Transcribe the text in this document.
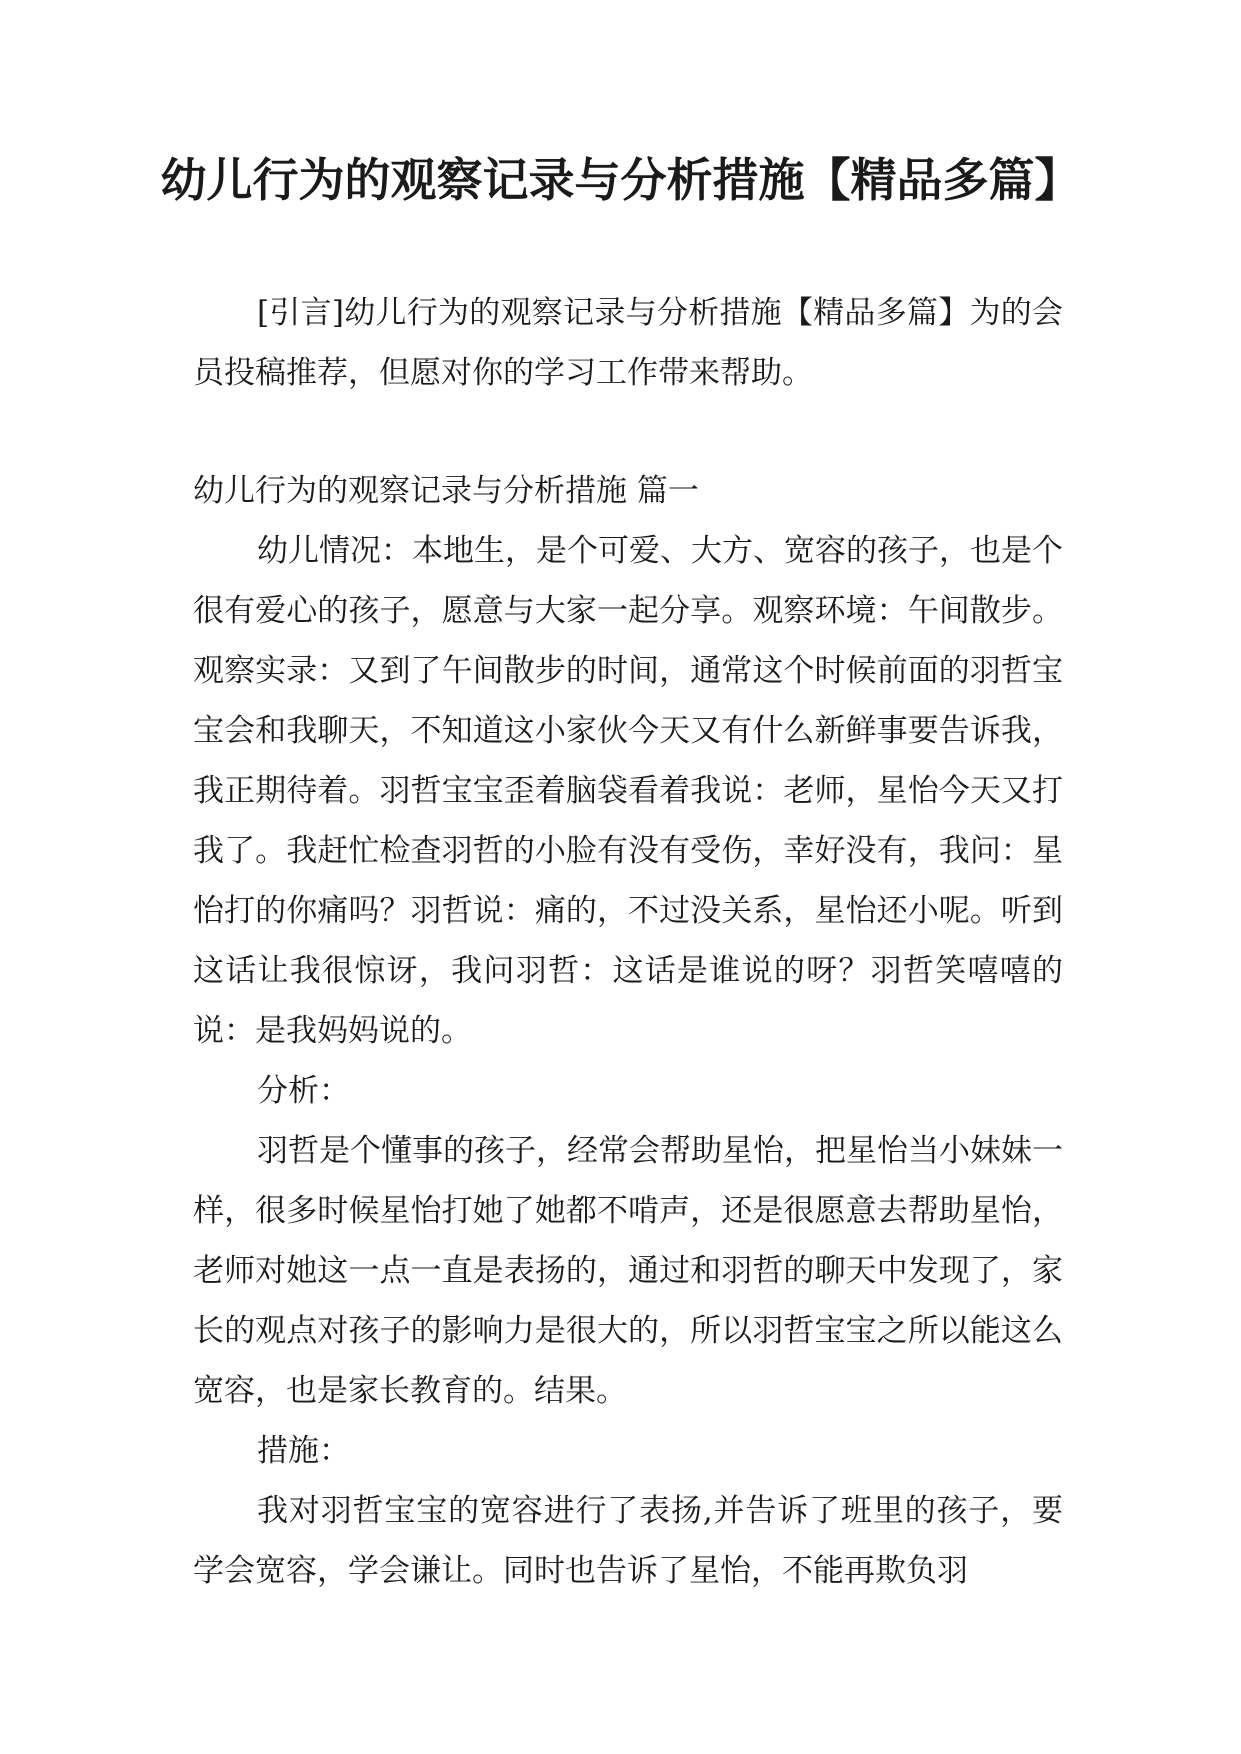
幼儿行为的观察记录与分析措施【精品多篇】

[引言]幼儿行为的观察记录与分析措施【精品多篇】为的会员投稿推荐，但愿对你的学习工作带来帮助。

幼儿行为的观察记录与分析措施 篇一

幼儿情况：本地生，是个可爱、大方、宽容的孩子，也是个很有爱心的孩子，愿意与大家一起分享。观察环境：午间散步。观察实录：又到了午间散步的时间，通常这个时候前面的羽哲宝宝会和我聊天，不知道这小家伙今天又有什么新鲜事要告诉我，我正期待着。羽哲宝宝歪着脑袋看着我说：老师，星怡今天又打我了。我赶忙检查羽哲的小脸有没有受伤，幸好没有，我问：星怡打的你痛吗？羽哲说：痛的，不过没关系，星怡还小呢。听到这话让我很惊讶，我问羽哲：这话是谁说的呀？羽哲笑嘻嘻的说：是我妈妈说的。

分析：

羽哲是个懂事的孩子，经常会帮助星怡，把星怡当小妹妹一样，很多时候星怡打她了她都不啃声，还是很愿意去帮助星怡，老师对她这一点一直是表扬的，通过和羽哲的聊天中发现了，家长的观点对孩子的影响力是很大的，所以羽哲宝宝之所以能这么宽容，也是家长教育的。结果。

措施：

我对羽哲宝宝的宽容进行了表扬,并告诉了班里的孩子，要学会宽容，学会谦让。同时也告诉了星怡，不能再欺负羽
